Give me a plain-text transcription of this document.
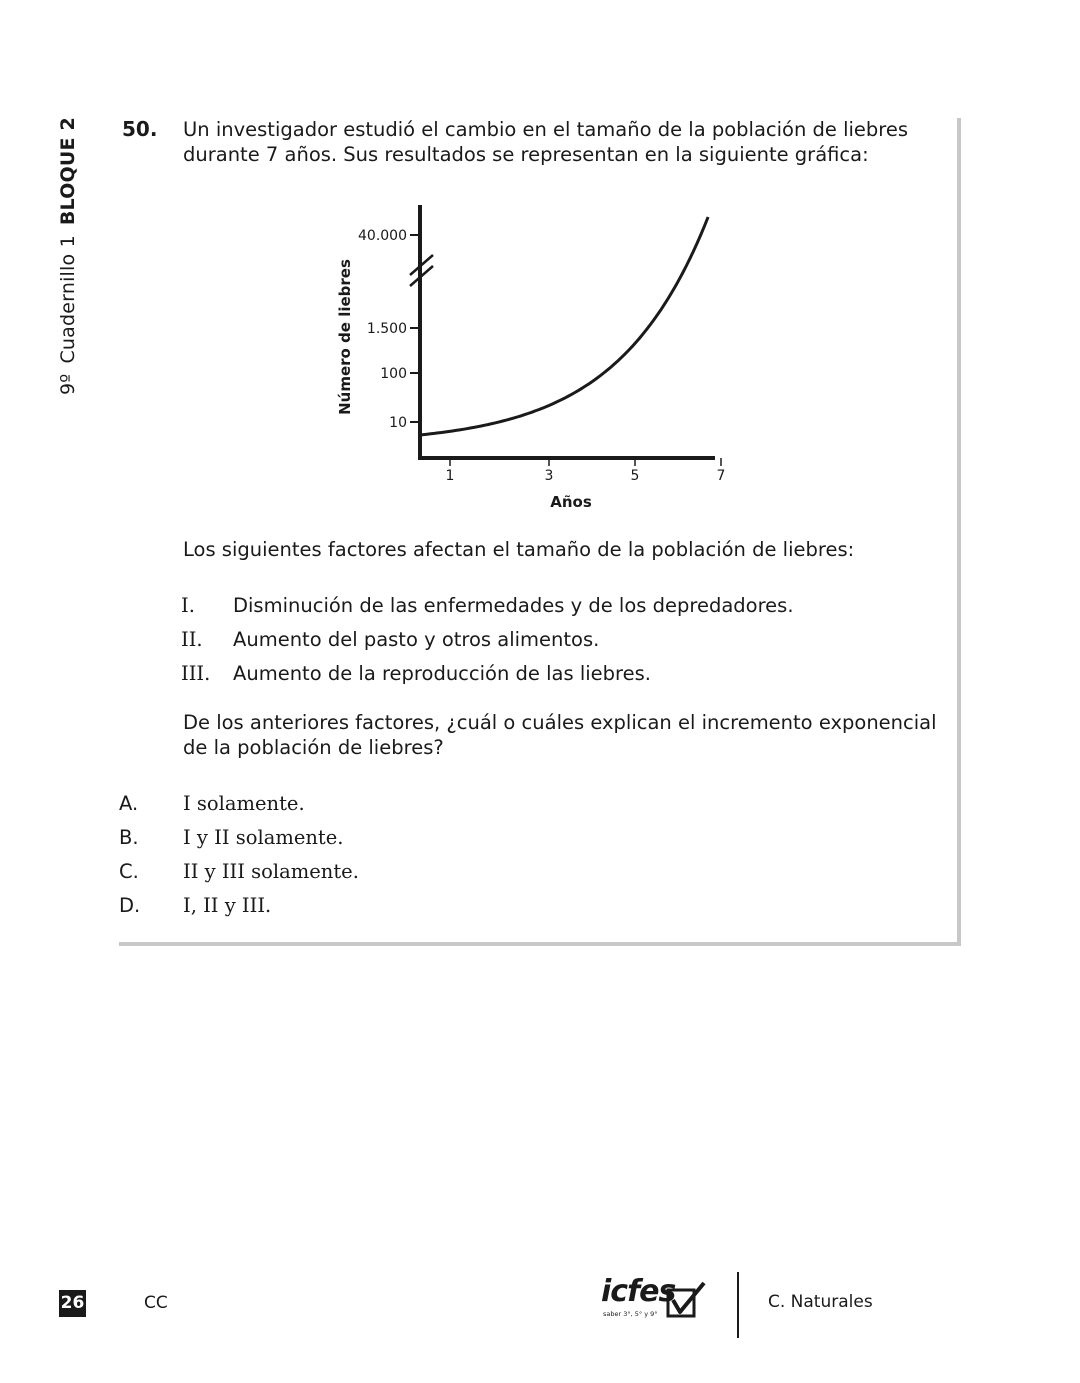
9ºCuadernillo 1BLOQUE 2 50. Un investigador estudió el cambio en el tamaño de la población de liebres durante 7 años. Sus resultados se representan en la siguiente gráfica:
10
100
1.500
40.000
1	3	5	7
Número de liebres
Años
Los siguientes factores afectan el tamaño de la población de liebres:
I.	Disminución de las enfermedades y de los depredadores.
II.	Aumento del pasto y otros alimentos.
III.	Aumento de la reproducción de las liebres.
De los anteriores factores, ¿cuál o cuáles explican el incremento exponencial de la población de liebres?
A.	I solamente.
B.	I y II solamente.
C.	II y III solamente.
D.	I, II y III.
26	CC	icfes
saber 3°, 5° y 9°
C. Naturales
